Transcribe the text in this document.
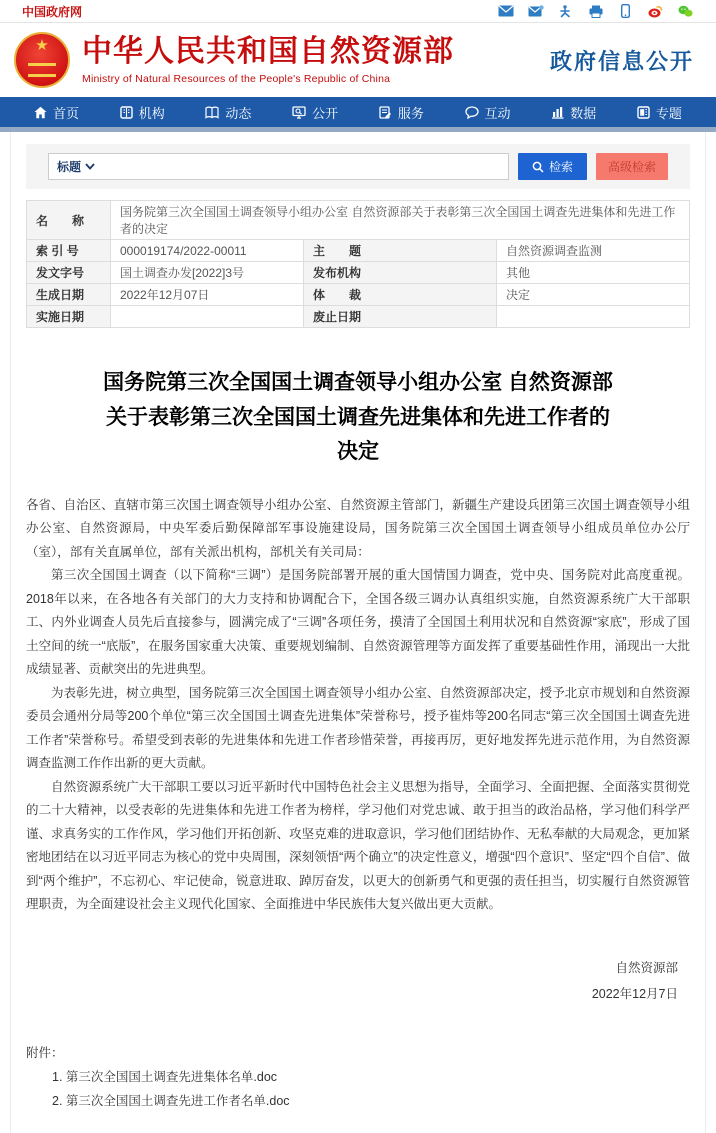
中国政府网
★ 中华人民共和国自然资源部
Ministry of Natural Resources of the People's Republic of China
政府信息公开
首页	机构	动态	公开	服务	互动	数据	专题
标题	检索	高级检索
名　　称	国务院第三次全国国土调查领导小组办公室 自然资源部关于表彰第三次全国国土调查先进集体和先进工作者的决定		
索 引 号	000019174/2022-00011	主　　题	自然资源调查监测
发文字号	国土调查办发[2022]3号	发布机构	其他
生成日期	2022年12月07日	体　　裁	决定
实施日期		废止日期	
国务院第三次全国国土调查领导小组办公室 自然资源部关于表彰第三次全国国土调查先进集体和先进工作者的决定

各省、自治区、直辖市第三次国土调查领导小组办公室、自然资源主管部门，新疆生产建设兵团第三次国土调查领导小组办公室、自然资源局，中央军委后勤保障部军事设施建设局，国务院第三次全国国土调查领导小组成员单位办公厅（室），部有关直属单位，部有关派出机构，部机关有关司局：

第三次全国国土调查（以下简称“三调”）是国务院部署开展的重大国情国力调查，党中央、国务院对此高度重视。2018年以来，在各地各有关部门的大力支持和协调配合下，全国各级三调办认真组织实施，自然资源系统广大干部职工、内外业调查人员先后直接参与，圆满完成了“三调”各项任务，摸清了全国国土利用状况和自然资源“家底”，形成了国土空间的统一“底版”，在服务国家重大决策、重要规划编制、自然资源管理等方面发挥了重要基础性作用，涌现出一大批成绩显著、贡献突出的先进典型。

为表彰先进，树立典型，国务院第三次全国国土调查领导小组办公室、自然资源部决定，授予北京市规划和自然资源委员会通州分局等200个单位“第三次全国国土调查先进集体”荣誉称号，授予崔炜等200名同志“第三次全国国土调查先进工作者”荣誉称号。希望受到表彰的先进集体和先进工作者珍惜荣誉，再接再厉，更好地发挥先进示范作用，为自然资源调查监测工作作出新的更大贡献。

自然资源系统广大干部职工要以习近平新时代中国特色社会主义思想为指导，全面学习、全面把握、全面落实贯彻党的二十大精神，以受表彰的先进集体和先进工作者为榜样，学习他们对党忠诚、敢于担当的政治品格，学习他们科学严谨、求真务实的工作作风，学习他们开拓创新、攻坚克难的进取意识，学习他们团结协作、无私奉献的大局观念，更加紧密地团结在以习近平同志为核心的党中央周围，深刻领悟“两个确立”的决定性意义，增强“四个意识”、坚定“四个自信”、做到“两个维护”，不忘初心、牢记使命，锐意进取、踔厉奋发，以更大的创新勇气和更强的责任担当，切实履行自然资源管理职责，为全面建设社会主义现代化国家、全面推进中华民族伟大复兴做出更大贡献。

自然资源部
2022年12月7日
附件：
1. 第三次全国国土调查先进集体名单.doc
2. 第三次全国国土调查先进工作者名单.doc
